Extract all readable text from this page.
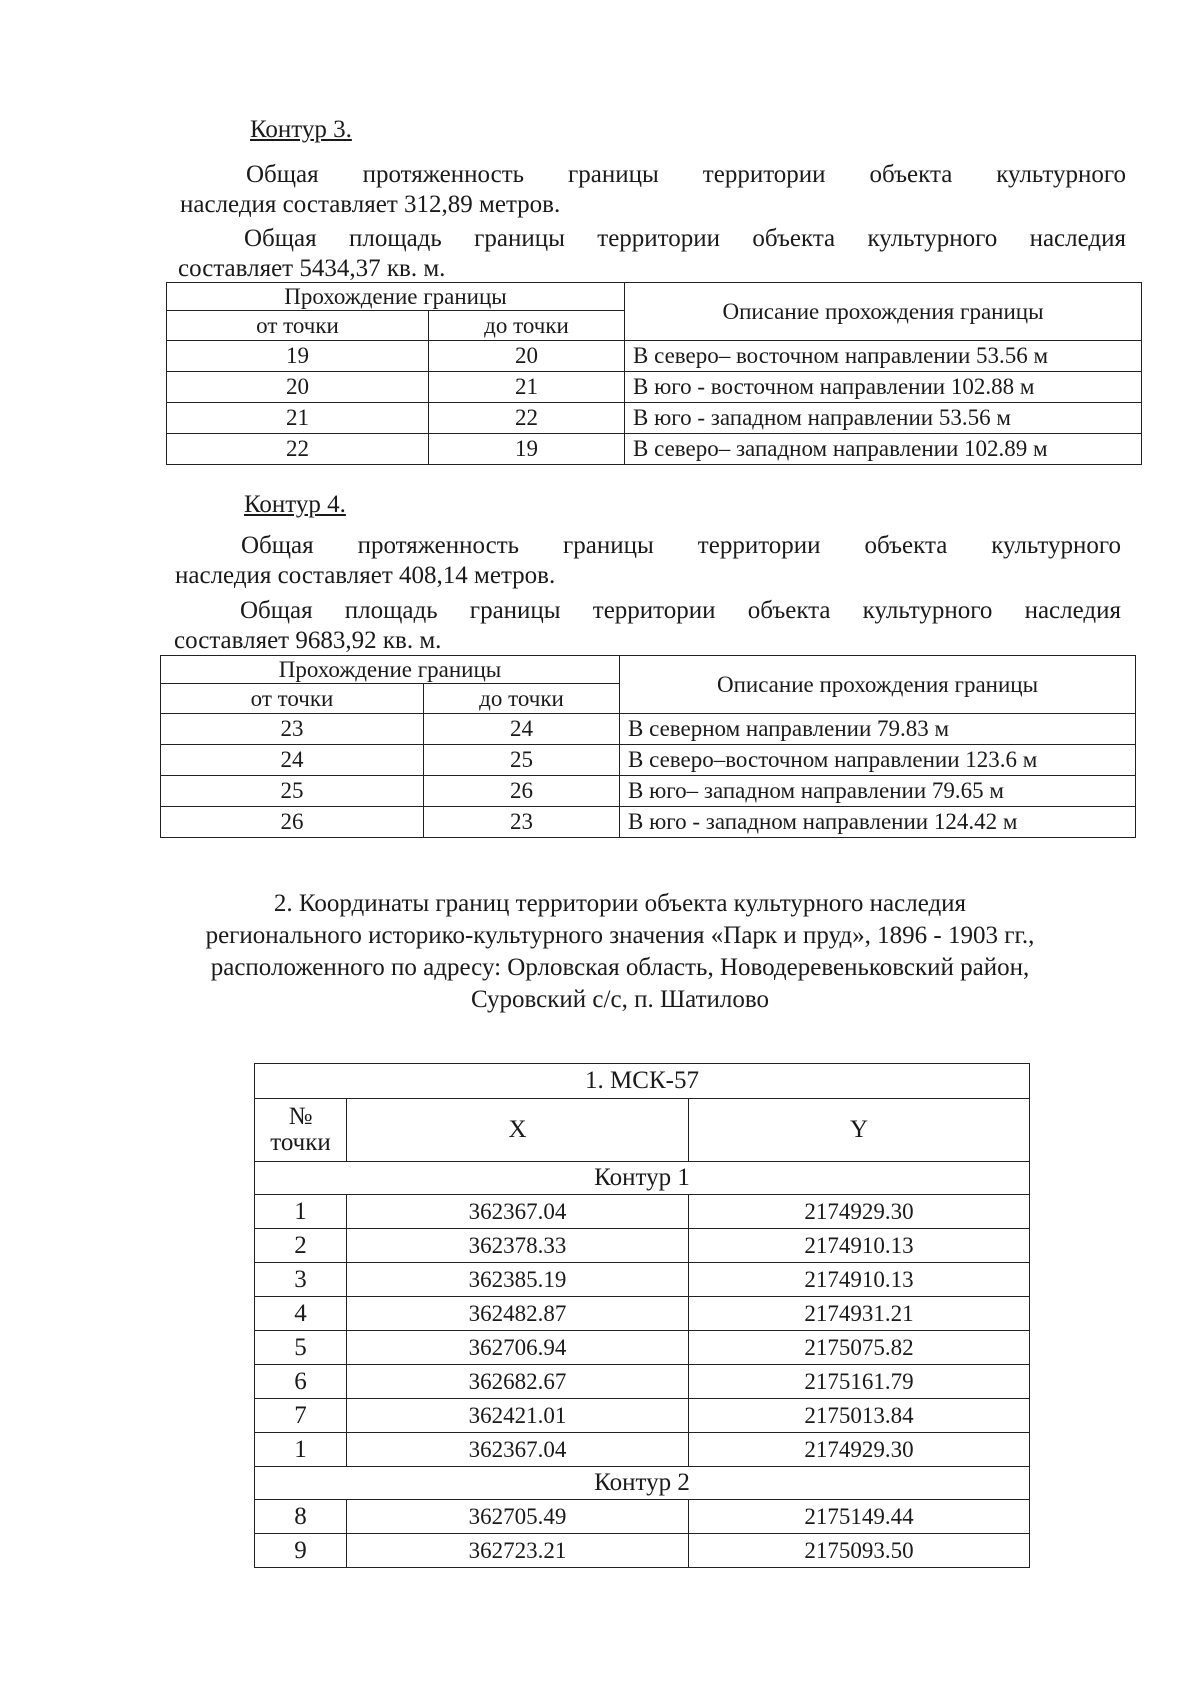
Контур 3.
Общая протяженность границы территории объекта культурного
наследия составляет 312,89 метров.
Общая площадь границы территории объекта культурного наследия
составляет 5434,37 кв. м.
Прохождение границы		Описание прохождения границы
от точки	до точки	
19	20	В северо– восточном направлении 53.56 м
20	21	В юго - восточном направлении 102.88 м
21	22	В юго - западном направлении 53.56 м
22	19	В северо– западном направлении 102.89 м
Контур 4.
Общая протяженность границы территории объекта культурного
наследия составляет 408,14 метров.
Общая площадь границы территории объекта культурного наследия
составляет 9683,92 кв. м.
Прохождение границы		Описание прохождения границы
от точки	до точки	
23	24	В северном направлении 79.83 м
24	25	В северо–восточном направлении 123.6 м
25	26	В юго– западном направлении 79.65 м
26	23	В юго - западном направлении 124.42 м
2. Координаты границ территории объекта культурного наследия
регионального историко-культурного значения «Парк и пруд», 1896 - 1903 гг.,
расположенного по адресу: Орловская область, Новодеревеньковский район,
Суровский с/с, п. Шатилово
1. МСК-57		

№
точки	X	Y
Контур 1		
1	362367.04	2174929.30
2	362378.33	2174910.13
3	362385.19	2174910.13
4	362482.87	2174931.21
5	362706.94	2175075.82
6	362682.67	2175161.79
7	362421.01	2175013.84
1	362367.04	2174929.30
Контур 2		
8	362705.49	2175149.44
9	362723.21	2175093.50
